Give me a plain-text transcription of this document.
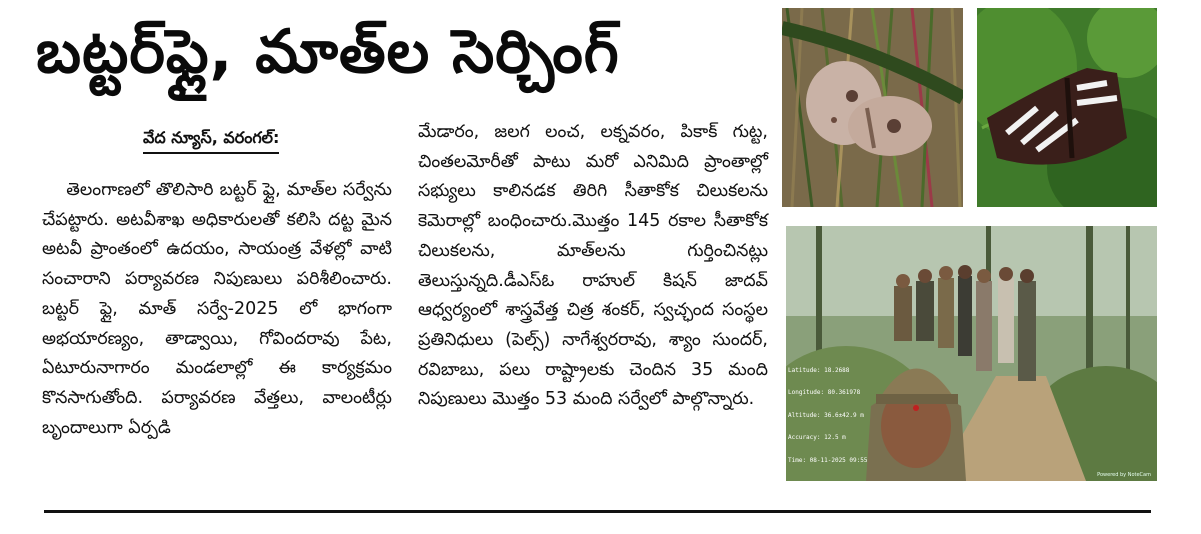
బట్టర్‌ఫ్లై, మాత్‌ల సెర్చింగ్
వేద న్యూస్, వరంగల్:
తెలంగాణలో తొలిసారి బట్టర్ ఫ్లై, మాత్‌ల సర్వేను చేపట్టారు. అటవీశాఖ అధికారులతో కలిసి దట్ట మైన అటవీ ప్రాంతంలో ఉదయం, సాయంత్ర వేళల్లో వాటి సంచారాని పర్యావరణ నిపుణులు పరిశీలించారు. బట్టర్ ఫ్లై, మాత్ సర్వే-2025 లో భాగంగా అభయారణ్యం, తాడ్వాయి, గోవిందరావు పేట, ఏటూరునాగారం మండలాల్లో ఈ కార్యక్రమం కొనసాగుతోంది. పర్యావరణ వేత్తలు, వాలంటీర్లు బృందాలుగా ఏర్పడి
మేడారం, జలగ లంచ, లక్నవరం, పికాక్ గుట్ట, చింతలమోరీతో పాటు మరో ఎనిమిది ప్రాంతాల్లో సభ్యులు కాలినడక తిరిగి సీతాకోక చిలుకలను కెమెరాల్లో బంధించారు.మొత్తం 145 రకాల సీతాకోక చిలుకలను, మాత్‌లను గుర్తించినట్లు తెలుస్తున్నది.డీఎస్ఓ రాహుల్ కిషన్ జాదవ్ ఆధ్వర్యంలో శాస్త్రవేత్త చిత్ర శంకర్, స్వచ్ఛంద సంస్థల ప్రతినిధులు (పెల్స్) నాగేశ్వరరావు, శ్యాం సుందర్, రవిబాబు, పలు రాష్ట్రాలకు చెందిన 35 మంది నిపుణులు మొత్తం 53 మంది సర్వేలో పాల్గొన్నారు.

Latitude: 18.2688

Longitude: 80.361978

Altitude: 36.6±42.9 m

Accuracy: 12.5 m

Time: 08-11-2025 09:55

Powered by NoteCam
